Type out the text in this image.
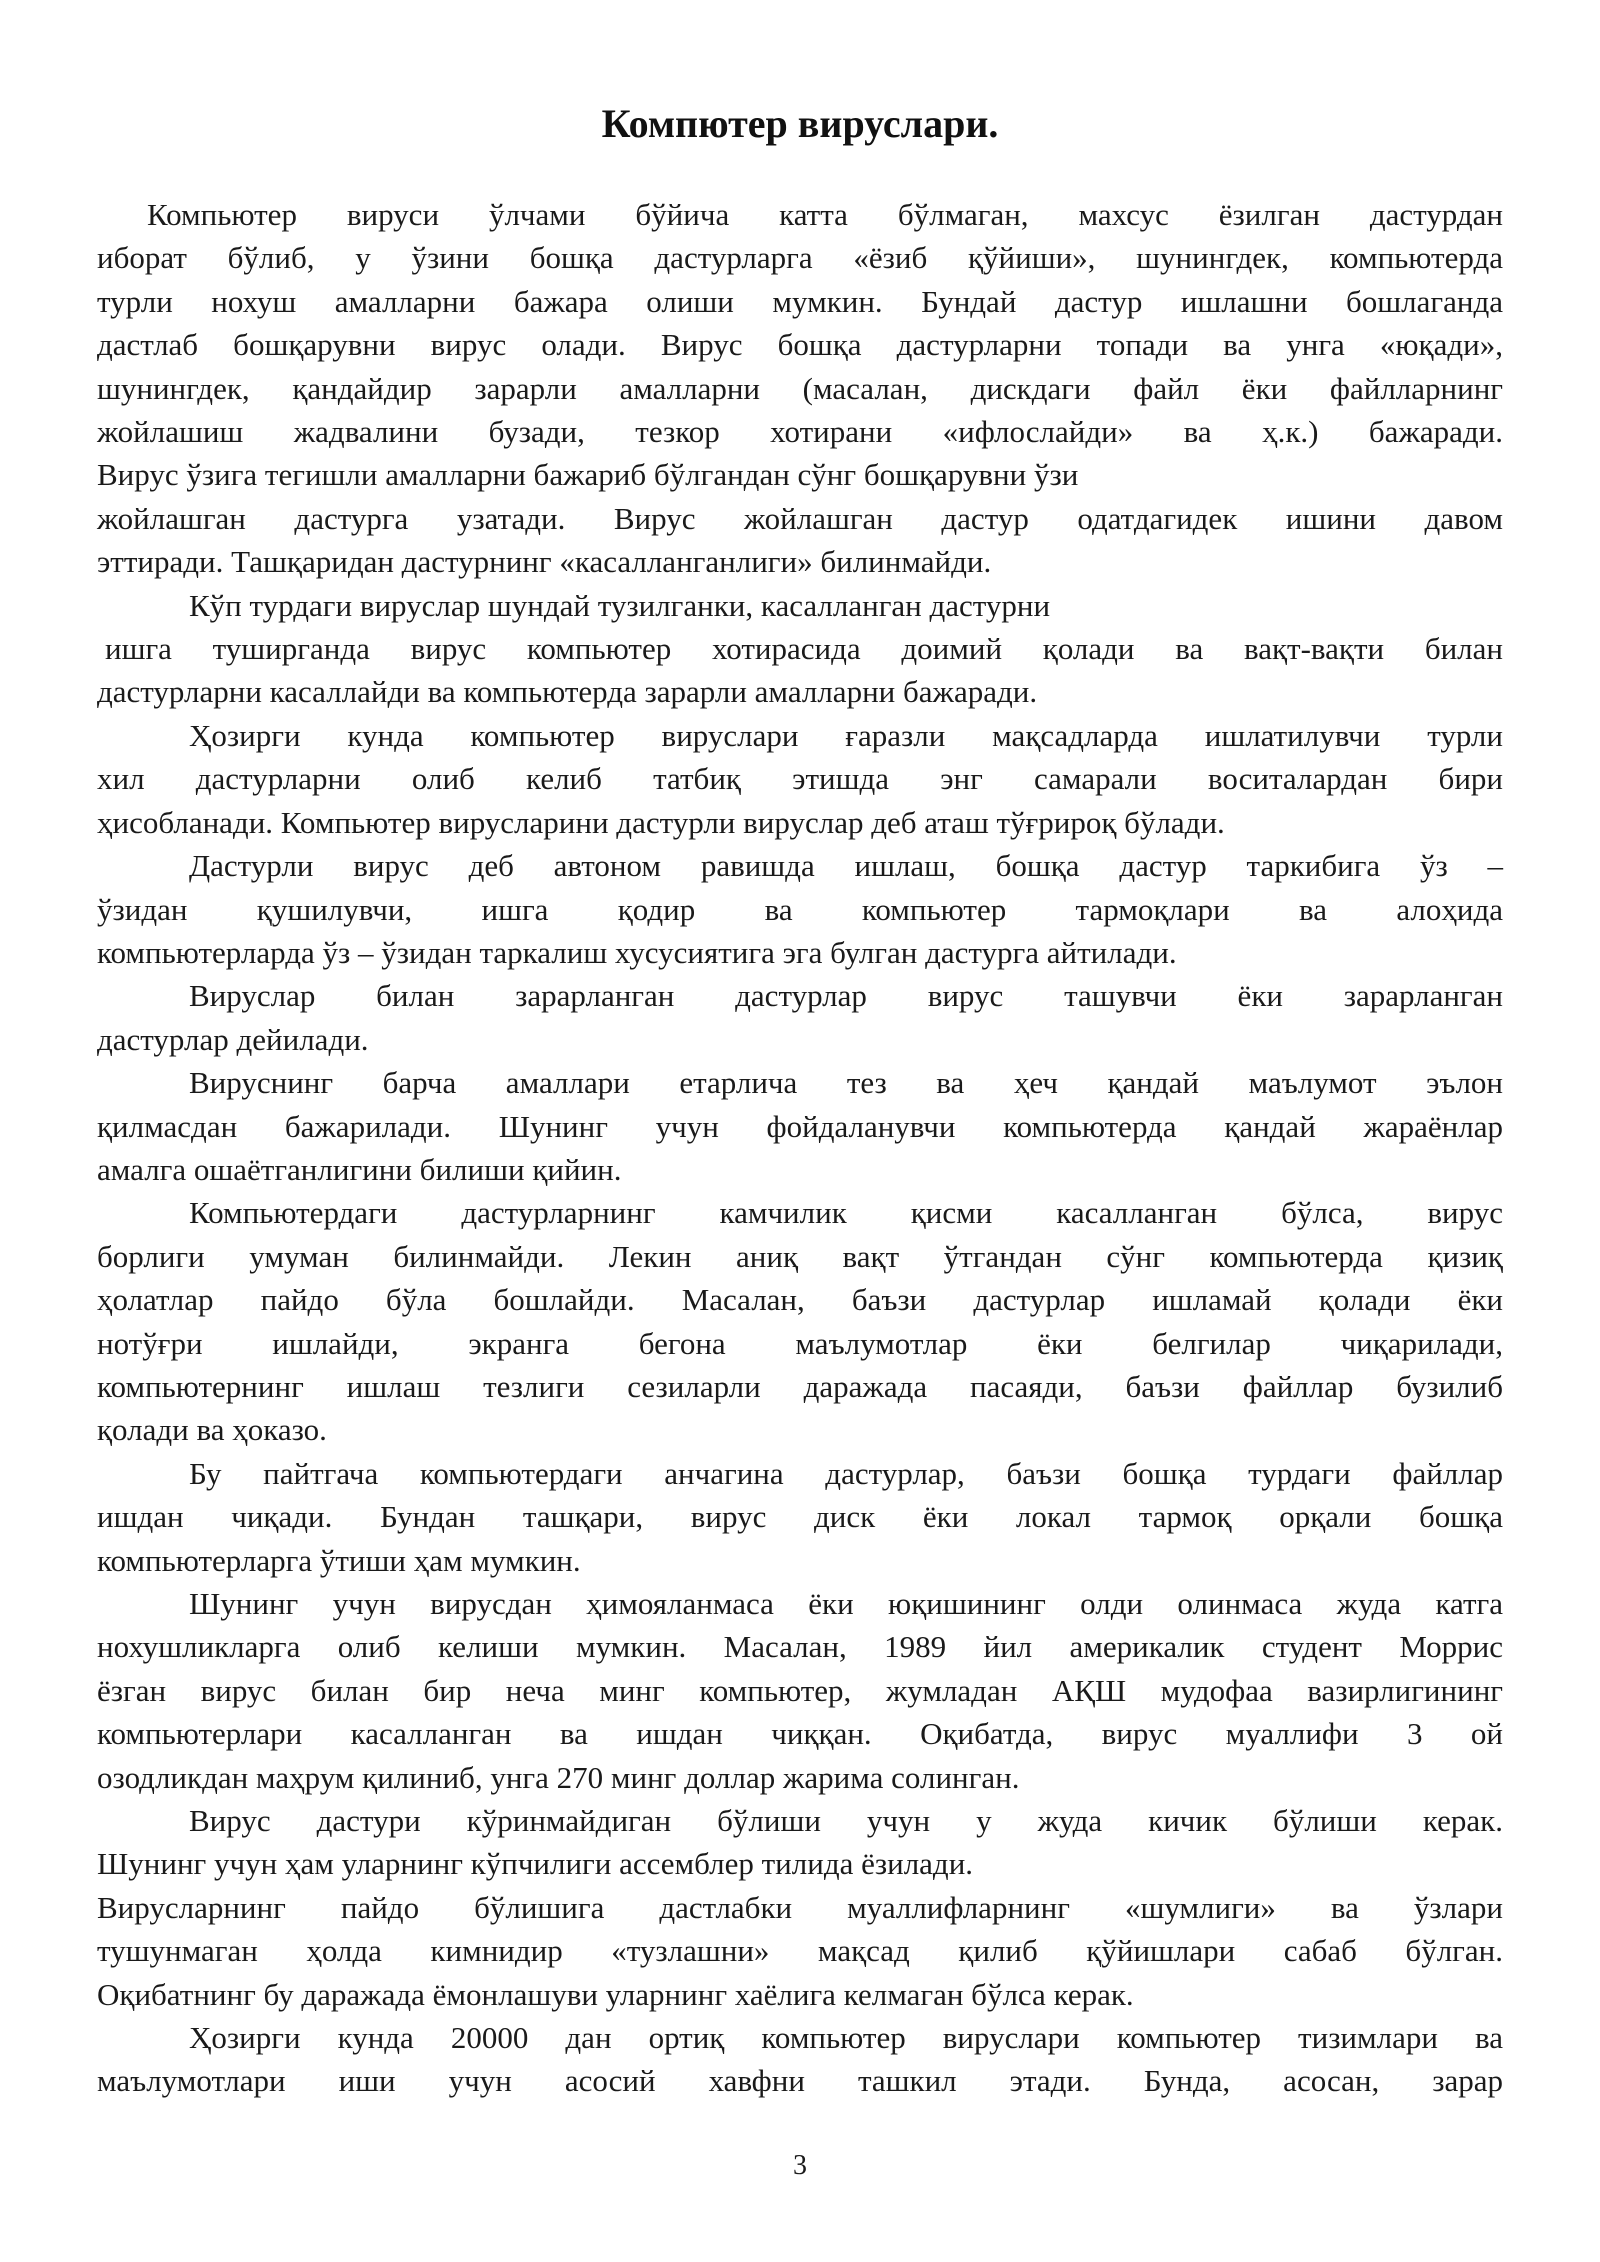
Компютер вируслари.
Компьютер вируси ўлчами бўйича катта бўлмаган, махсус ёзилган дастурдан
иборат бўлиб, у ўзини бошқа дастурларга «ёзиб қўйиши», шунингдек, компьютерда
турли нохуш амалларни бажара олиши мумкин. Бундай дастур ишлашни бошлаганда
дастлаб бошқарувни вирус олади. Вирус бошқа дастурларни топади ва унга «юқади»,
шунингдек, қандайдир зарарли амалларни (масалан, дискдаги файл ёки файлларнинг
жойлашиш жадвалини бузади, тезкор хотирани «ифлослайди» ва ҳ.к.) бажаради.
Вирус ўзига тегишли амалларни бажариб бўлгандан сўнг бошқарувни ўзи
жойлашган дастурга узатади. Вирус жойлашган дастур одатдагидек ишини давом
эттиради. Ташқаридан дастурнинг «касалланганлиги» билинмайди.
Кўп турдаги вируслар шундай тузилганки, касалланган дастурни
ишга туширганда вирус компьютер хотирасида доимий қолади ва вақт-вақти билан
дастурларни касаллайди ва компьютерда зарарли амалларни бажаради.
Ҳозирги кунда компьютер вируслари ғаразли мақсадларда ишлатилувчи турли
хил дастурларни олиб келиб татбиқ этишда энг самарали воситалардан бири
ҳисобланади. Компьютер вирусларини дастурли вируслар деб аташ тўғрироқ бўлади.
Дастурли вирус деб автоном равишда ишлаш, бошқа дастур таркибига ўз –
ўзидан қушилувчи, ишга қодир ва компьютер тармоқлари ва алоҳида
компьютерларда ўз – ўзидан таркалиш хусусиятига эга булган дастурга айтилади.
Вируслар билан зарарланган дастурлар вирус ташувчи ёки зарарланган
дастурлар дейилади.
Вируснинг барча амаллари етарлича тез ва ҳеч қандай маълумот эълон
қилмасдан бажарилади. Шунинг учун фойдаланувчи компьютерда қандай жараёнлар
амалга ошаётганлигини билиши қийин.
Компьютердаги дастурларнинг камчилик қисми касалланган бўлса, вирус
борлиги умуман билинмайди. Лекин аниқ вақт ўтгандан сўнг компьютерда қизиқ
ҳолатлар пайдо бўла бошлайди. Масалан, баъзи дастурлар ишламай қолади ёки
нотўғри ишлайди, экранга бегона маълумотлар ёки белгилар чиқарилади,
компьютернинг ишлаш тезлиги сезиларли даражада пасаяди, баъзи файллар бузилиб
қолади ва ҳоказо.
Бу пайтгача компьютердаги анчагина дастурлар, баъзи бошқа турдаги файллар
ишдан чиқади. Бундан ташқари, вирус диск ёки локал тармоқ орқали бошқа
компьютерларга ўтиши ҳам мумкин.
Шунинг учун вирусдан ҳимояланмаса ёки юқишининг олди олинмаса жуда катга
нохушликларга олиб келиши мумкин. Масалан, 1989 йил америкалик студент Моррис
ёзган вирус билан бир неча минг компьютер, жумладан АҚШ мудофаа вазирлигининг
компьютерлари касалланган ва ишдан чиққан. Оқибатда, вирус муаллифи 3 ой
озодликдан маҳрум қилиниб, унга 270 минг доллар жарима солинган.
Вирус дастури кўринмайдиган бўлиши учун у жуда кичик бўлиши керак.
Шунинг учун ҳам уларнинг кўпчилиги ассемблер тилида ёзилади.
Вирусларнинг пайдо бўлишига дастлабки муаллифларнинг «шумлиги» ва ўзлари
тушунмаган ҳолда кимнидир «тузлашни» мақсад қилиб қўйишлари сабаб бўлган.
Оқибатнинг бу даражада ёмонлашуви уларнинг хаёлига келмаган бўлса керак.
Ҳозирги кунда 20000 дан ортиқ компьютер вируслари компьютер тизимлари ва
маълумотлари иши учун асосий хавфни ташкил этади. Бунда, асосан, зарар
3
